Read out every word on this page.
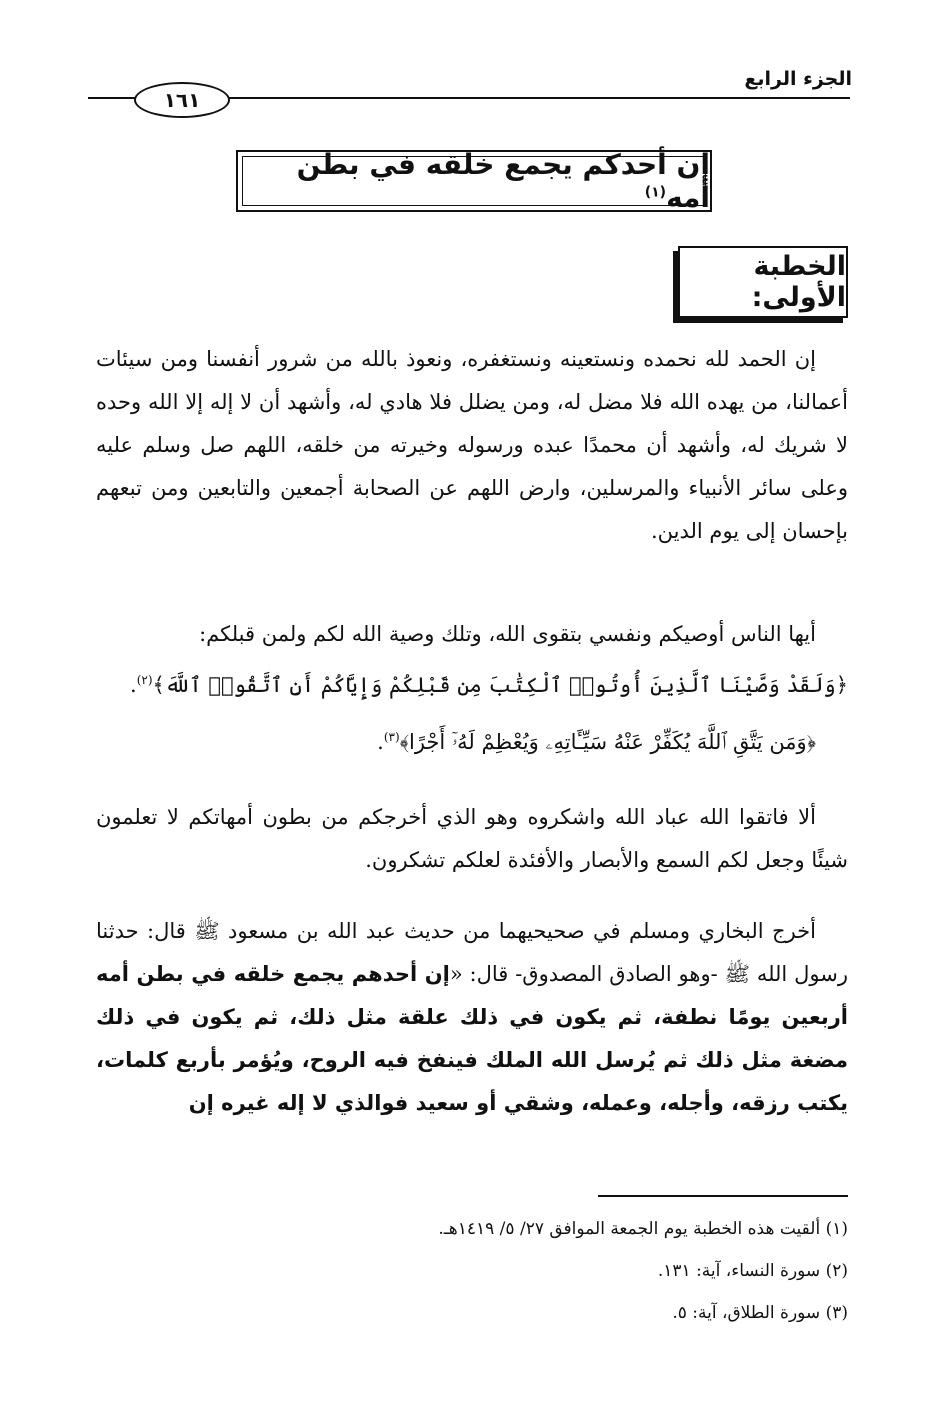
الجزء الرابع
١٦١
إن أحدكم يجمع خلقه في بطن أمه$^{(١)}$
الخطبة الأولى:
إن الحمد لله نحمده ونستعينه ونستغفره، ونعوذ بالله من شرور أنفسنا ومن سيئات أعمالنا، من يهده الله فلا مضل له، ومن يضلل فلا هادي له، وأشهد أن لا إله إلا الله وحده لا شريك له، وأشهد أن محمدًا عبده ورسوله وخيرته من خلقه، اللهم صل وسلم عليه وعلى سائر الأنبياء والمرسلين، وارض اللهم عن الصحابة أجمعين والتابعين ومن تبعهم بإحسان إلى يوم الدين.
أيها الناس أوصيكم ونفسي بتقوى الله، وتلك وصية الله لكم ولمن قبلكم:
﴿وَلَقَدْ وَصَّيْنَا ٱلَّذِينَ أُوتُوا۟ ٱلْكِتَٰبَ مِن قَبْلِكُمْ وَإِيَّاكُمْ أَنِ ٱتَّقُوا۟ ٱللَّهَ﴾$^{(٢)}$.
﴿وَمَن يَتَّقِ ٱللَّهَ يُكَفِّرْ عَنْهُ سَيِّـَٔاتِهِۦ وَيُعْظِمْ لَهُۥٓ أَجْرًا﴾$^{(٣)}$.
ألا فاتقوا الله عباد الله واشكروه وهو الذي أخرجكم من بطون أمهاتكم لا تعلمون شيئًا وجعل لكم السمع والأبصار والأفئدة لعلكم تشكرون.
أخرج البخاري ومسلم في صحيحيهما من حديث عبد الله بن مسعود ﷺ قال: حدثنا رسول الله ﷺ -وهو الصادق المصدوق- قال: «إن أحدهم يجمع خلقه في بطن أمه أربعين يومًا نطفة، ثم يكون في ذلك علقة مثل ذلك، ثم يكون في ذلك مضغة مثل ذلك ثم يُرسل الله الملك فينفخ فيه الروح، ويُؤمر بأربع كلمات، يكتب رزقه، وأجله، وعمله، وشقي أو سعيد فوالذي لا إله غيره إن
(١) ألقيت هذه الخطبة يوم الجمعة الموافق ٢٧/ ٥/ ١٤١٩هـ.
(٢) سورة النساء، آية: ١٣١.
(٣) سورة الطلاق، آية: ٥.
